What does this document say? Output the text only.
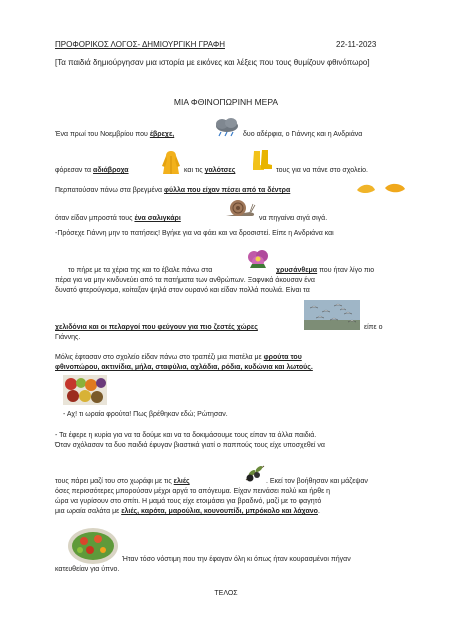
ΠΡΟΦΟΡΙΚΟΣ ΛΟΓΟΣ- ΔΗΜΙΟΥΡΓΙΚΗ ΓΡΑΦΗ	22-11-2023
[Τα παιδιά δημιούργησαν μια ιστορία με εικόνες και λέξεις που τους θυμίζουν φθινόπωρο]
ΜΙΑ ΦΘΙΝΟΠΩΡΙΝΗ ΜΕΡΑ
Ένα πρωί του Νοεμβρίου που έβρεχε,	δυο αδέρφια, ο Γιάννης και η Ανδριάνα
φόρεσαν τα αδιάβροχα	και τις γαλότσες	τους για να πάνε στο σχολείο.
Περπατούσαν πάνω στα βρεγμένα φύλλα που είχαν πέσει από τα δέντρα
όταν είδαν μπροστά τους ένα σαλιγκάρι	να πηγαίνει σιγά σιγά.
-Πρόσεχε Γιάννη μην το πατήσεις! Βγήκε για να φάει και να δροσιστεί. Είπε η Ανδριάνα και
το πήρε με τα χέρια της και το έβαλε πάνω στα	χρυσάνθεμα που ήταν λίγο πιο
πέρα για να μην κινδυνεύει από τα πατήματα των ανθρώπων. Ξαφνικά άκουσαν ένα
δυνατό φτερούγισμα, κοίταξαν ψηλά στον ουρανό και είδαν πολλά πουλιά. Είναι τα
χελιδόνια και οι πελαργοί που φεύγουν για πιο ζεστές χώρες	είπε ο
Γιάννης.
Μόλις έφτασαν στο σχολείο είδαν πάνω στο τραπέζι μια πιατέλα με φρούτα του
φθινοπώρου, ακτινίδια, μήλα, σταφύλια, αχλάδια, ρόδια, κυδώνια και λωτούς.
- Αχ! τι ωραία φρούτα! Πως βρέθηκαν εδώ; Ρώτησαν.
- Τα έφερε η κυρία για να τα δούμε και να τα δοκιμάσουμε τους είπαν τα άλλα παιδιά.
Όταν σχόλασαν τα δυο παιδιά έφυγαν βιαστικά γιατί ο παππούς τους είχε υποσχεθεί να
τους πάρει μαζί του στο χωράφι με τις ελιές	. Εκεί τον βοήθησαν και μάζεψαν
όσες περισσότερες μπορούσαν μέχρι αργά το απόγευμα. Είχαν πεινάσει πολύ και ήρθε η
ώρα να γυρίσουν στο σπίτι. Η μαμά τους είχε ετοιμάσει για βραδινό, μαζί με το φαγητό
μια ωραία σαλάτα με ελιές, καρότα, μαρούλια, κουνουπίδι, μπρόκολο και λάχανο.
Ήταν τόσο νόστιμη που την έφαγαν όλη κι όπως ήταν κουρασμένοι πήγαν
κατευθείαν για ύπνο.
ΤΕΛΟΣ
